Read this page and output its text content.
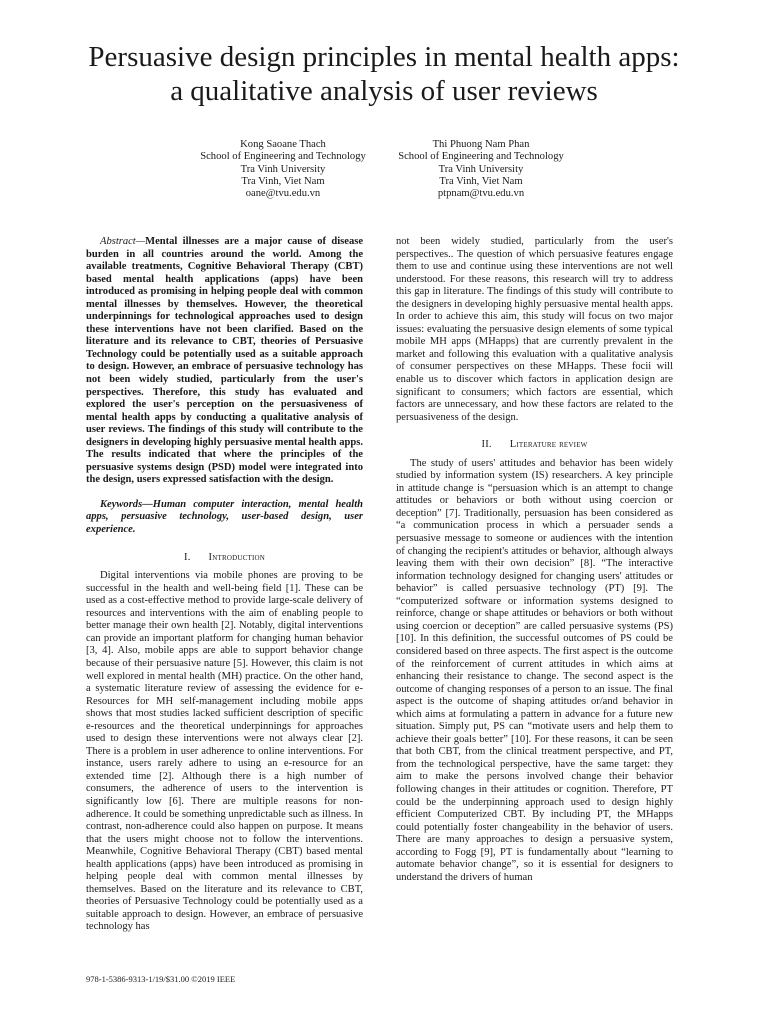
Persuasive design principles in mental health apps:
a qualitative analysis of user reviews
Kong Saoane Thach
School of Engineering and Technology
Tra Vinh University
Tra Vinh, Viet Nam
oane@tvu.edu.vn
Thi Phuong Nam Phan
School of Engineering and Technology
Tra Vinh University
Tra Vinh, Viet Nam
ptpnam@tvu.edu.vn

Abstract—Mental illnesses are a major cause of disease burden in all countries around the world. Among the available treatments, Cognitive Behavioral Therapy (CBT) based mental health applications (apps) have been introduced as promising in helping people deal with common mental illnesses by themselves. However, the theoretical underpinnings for technological approaches used to design these interventions have not been clarified. Based on the literature and its relevance to CBT, theories of Persuasive Technology could be potentially used as a suitable approach to design. However, an embrace of persuasive technology has not been widely studied, particularly from the user's perspectives. Therefore, this study has evaluated and explored the user's perception on the persuasiveness of mental health apps by conducting a qualitative analysis of user reviews. The findings of this study will contribute to the designers in developing highly persuasive mental health apps. The results indicated that where the principles of the persuasive systems design (PSD) model were integrated into the design, users expressed satisfaction with the design.

Keywords—Human computer interaction, mental health apps, persuasive technology, user-based design, user experience.

I. Introduction

Digital interventions via mobile phones are proving to be successful in the health and well-being field [1]. These can be used as a cost-effective method to provide large-scale delivery of resources and interventions with the aim of enabling people to better manage their own health [2]. Notably, digital interventions can provide an important platform for changing human behavior [3, 4]. Also, mobile apps are able to support behavior change because of their persuasive nature [5]. However, this claim is not well explored in mental health (MH) practice. On the other hand, a systematic literature review of assessing the evidence for e-Resources for MH self-management including mobile apps shows that most studies lacked sufficient description of specific e-resources and the theoretical underpinnings for approaches used to design these interventions were not always clear [2]. There is a problem in user adherence to online interventions. For instance, users rarely adhere to using an e-resource for an extended time [2]. Although there is a high number of consumers, the adherence of users to the intervention is significantly low [6]. There are multiple reasons for non-adherence. It could be something unpredictable such as illness. In contrast, non-adherence could also happen on purpose. It means that the users might choose not to follow the interventions. Meanwhile, Cognitive Behavioral Therapy (CBT) based mental health applications (apps) have been introduced as promising in helping people deal with common mental illnesses by themselves. Based on the literature and its relevance to CBT, theories of Persuasive Technology could be potentially used as a suitable approach to design. However, an embrace of persuasive technology has

not been widely studied, particularly from the user's perspectives.. The question of which persuasive features engage them to use and continue using these interventions are not well understood. For these reasons, this research will try to address this gap in literature. The findings of this study will contribute to the designers in developing highly persuasive mental health apps. In order to achieve this aim, this study will focus on two major issues: evaluating the persuasive design elements of some typical mobile MH apps (MHapps) that are currently prevalent in the market and following this evaluation with a qualitative analysis of consumer perspectives on these MHapps. These focii will enable us to discover which factors in application design are significant to consumers; which factors are essential, which factors are unnecessary, and how these factors are related to the persuasiveness of the design.

II. Literature review

The study of users' attitudes and behavior has been widely studied by information system (IS) researchers. A key principle in attitude change is “persuasion which is an attempt to change attitudes or behaviors or both without using coercion or deception” [7]. Traditionally, persuasion has been considered as “a communication process in which a persuader sends a persuasive message to someone or audiences with the intention of changing the recipient's attitudes or behavior, although always leaving them with their own decision” [8]. “The interactive information technology designed for changing users' attitudes or behavior” is called persuasive technology (PT) [9]. The “computerized software or information systems designed to reinforce, change or shape attitudes or behaviors or both without using coercion or deception” are called persuasive systems (PS) [10]. In this definition, the successful outcomes of PS could be considered based on three aspects. The first aspect is the outcome of the reinforcement of current attitudes in which aims at enhancing their resistance to change. The second aspect is the outcome of changing responses of a person to an issue. The final aspect is the outcome of shaping attitudes or/and behavior in which aims at formulating a pattern in advance for a future new situation. Simply put, PS can “motivate users and help them to achieve their goals better” [10]. For these reasons, it can be seen that both CBT, from the clinical treatment perspective, and PT, from the technological perspective, have the same target: they aim to make the persons involved change their behavior following changes in their attitudes or cognition. Therefore, PT could be the underpinning approach used to design highly efficient Computerized CBT. By including PT, the MHapps could potentially foster changeability in the behavior of users. There are many approaches to design a persuasive system, according to Fogg [9], PT is fundamentally about “learning to automate behavior change”, so it is essential for designers to understand the drivers of human

978-1-5386-9313-1/19/$31.00 ©2019 IEEE
